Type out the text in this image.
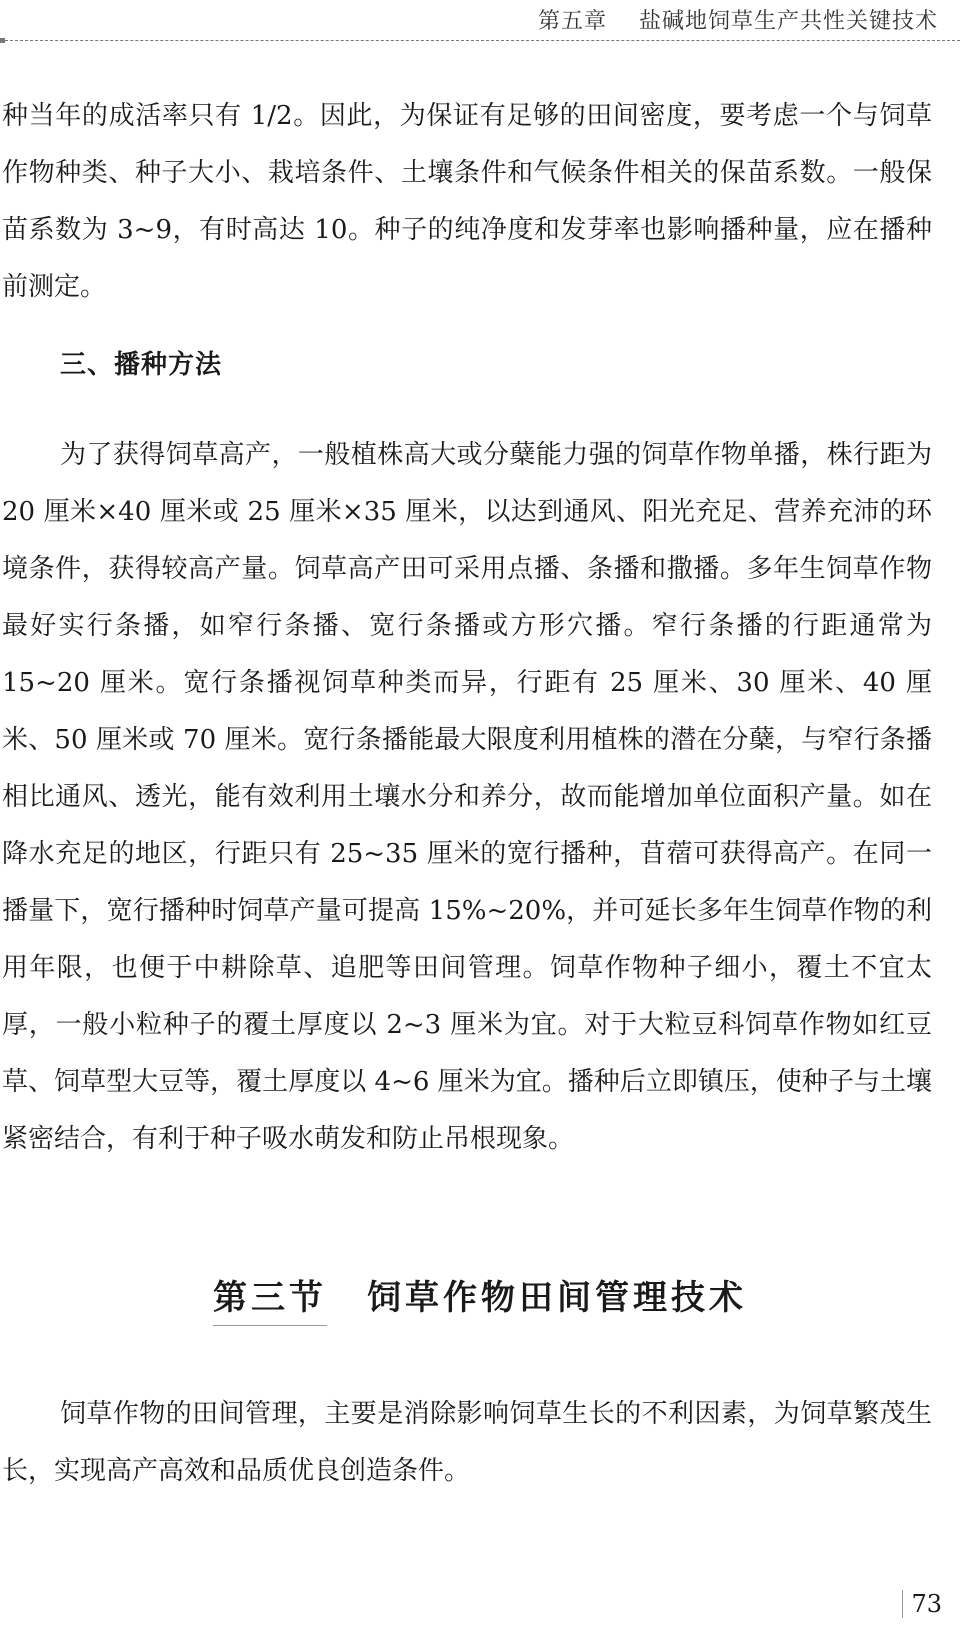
第五章 盐碱地饲草生产共性关键技术

种当年的成活率只有 1/2。因此，为保证有足够的田间密度，要考虑一个与饲草作物种类、种子大小、栽培条件、土壤条件和气候条件相关的保苗系数。一般保苗系数为 3~9，有时高达 10。种子的纯净度和发芽率也影响播种量，应在播种前测定。

三、播种方法

为了获得饲草高产，一般植株高大或分蘖能力强的饲草作物单播，株行距为 20 厘米×40 厘米或 25 厘米×35 厘米，以达到通风、阳光充足、营养充沛的环境条件，获得较高产量。饲草高产田可采用点播、条播和撒播。多年生饲草作物最好实行条播，如窄行条播、宽行条播或方形穴播。窄行条播的行距通常为 15~20 厘米。宽行条播视饲草种类而异，行距有 25 厘米、30 厘米、40 厘米、50 厘米或 70 厘米。宽行条播能最大限度利用植株的潜在分蘖，与窄行条播相比通风、透光，能有效利用土壤水分和养分，故而能增加单位面积产量。如在降水充足的地区，行距只有 25~35 厘米的宽行播种，苜蓿可获得高产。在同一播量下，宽行播种时饲草产量可提高 15%~20%，并可延长多年生饲草作物的利用年限，也便于中耕除草、追肥等田间管理。饲草作物种子细小，覆土不宜太厚，一般小粒种子的覆土厚度以 2~3 厘米为宜。对于大粒豆科饲草作物如红豆草、饲草型大豆等，覆土厚度以 4~6 厘米为宜。播种后立即镇压，使种子与土壤紧密结合，有利于种子吸水萌发和防止吊根现象。

第三节 饲草作物田间管理技术

饲草作物的田间管理，主要是消除影响饲草生长的不利因素，为饲草繁茂生长，实现高产高效和品质优良创造条件。

73
